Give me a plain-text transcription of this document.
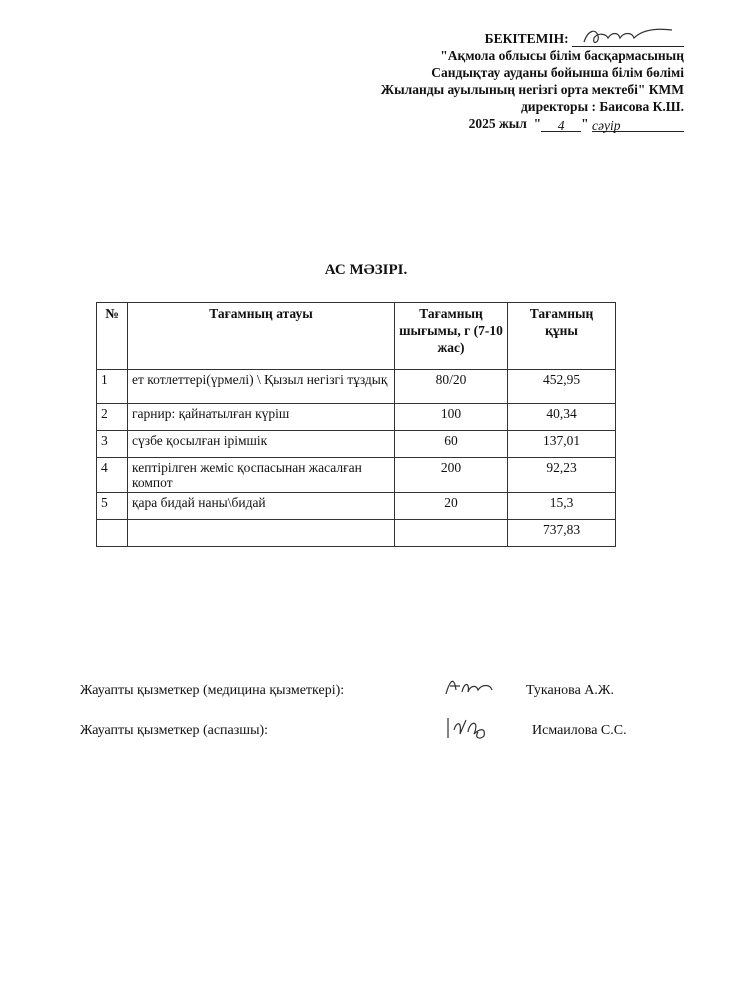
БЕКІТЕМІН:
"Ақмола облысы білім басқармасының
Сандықтау ауданы бойынша білім бөлімі
Жыланды ауылының негізгі орта мектебі" КММ
директоры : Баисова К.Ш.
2025 жыл  " 4 " сәуір
АС МӘЗІРІ.
№	Тағамның атауы	Тағамның шығымы, г (7-10 жас)	Тағамның құны
1	ет котлеттері(үрмелі) \ Қызыл негізгі тұздық	80/20	452,95
2	гарнир: қайнатылған күріш	100	40,34
3	сүзбе қосылған ірімшік	60	137,01
4	кептірілген жеміс қоспасынан жасалған компот	200	92,23
5	қара бидай наны\бидай	20	15,3
			737,83
Жауапты қызметкер (медицина қызметкері):	Туканова А.Ж.
Жауапты қызметкер (аспазшы):	Исмаилова С.С.
